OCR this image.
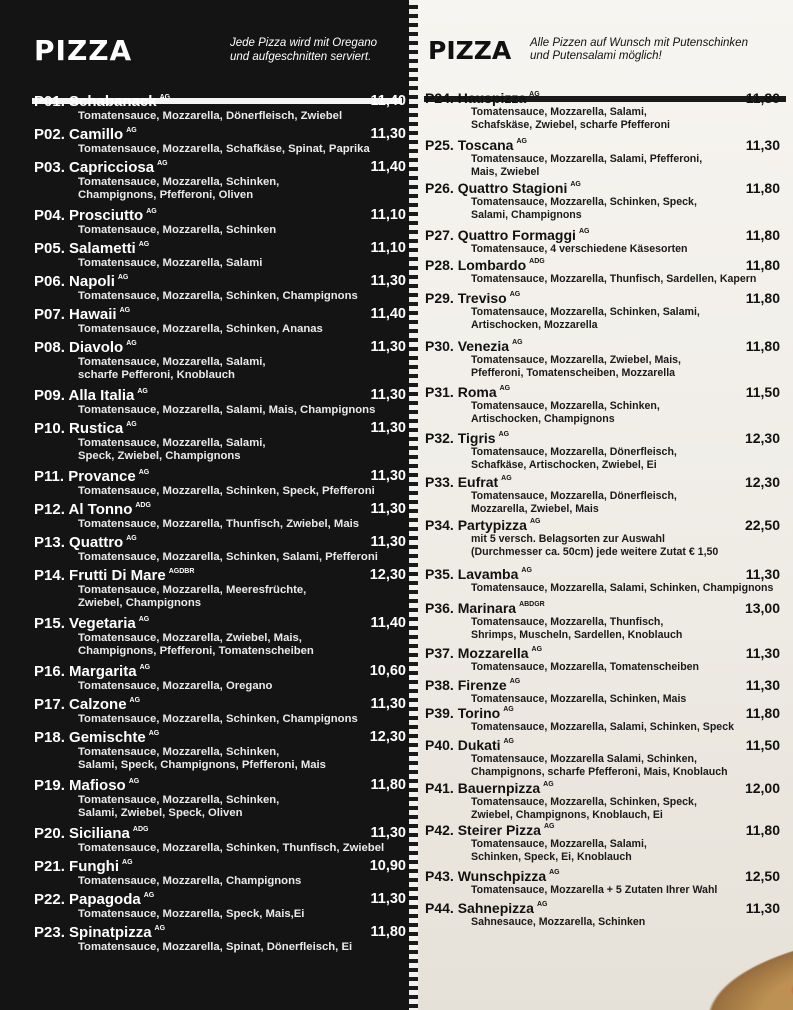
PIZZA	Jede Pizza wird mit Oregano
und aufgeschnitten serviert.
P01. Schabanack $^{AG}$	11,40
Tomatensauce, Mozzarella, Dönerfleisch, Zwiebel
P02. Camillo $^{AG}$	11,30
Tomatensauce, Mozzarella, Schafkäse, Spinat, Paprika
P03. Capricciosa $^{AG}$	11,40
Tomatensauce, Mozzarella, Schinken,
Champignons, Pfefferoni, Oliven
P04. Prosciutto $^{AG}$	11,10
Tomatensauce, Mozzarella, Schinken
P05. Salametti $^{AG}$	11,10
Tomatensauce, Mozzarella, Salami
P06. Napoli $^{AG}$	11,30
Tomatensauce, Mozzarella, Schinken, Champignons
P07. Hawaii $^{AG}$	11,40
Tomatensauce, Mozzarella, Schinken, Ananas
P08. Diavolo $^{AG}$	11,30
Tomatensauce, Mozzarella, Salami,
scharfe Pefferoni, Knoblauch
P09. Alla Italia $^{AG}$	11,30
Tomatensauce, Mozzarella, Salami, Mais, Champignons
P10. Rustica $^{AG}$	11,30
Tomatensauce, Mozzarella, Salami,
Speck, Zwiebel, Champignons
P11. Provance $^{AG}$	11,30
Tomatensauce, Mozzarella, Schinken, Speck, Pfefferoni
P12. Al Tonno $^{ADG}$	11,30
Tomatensauce, Mozzarella, Thunfisch, Zwiebel, Mais
P13. Quattro $^{AG}$	11,30
Tomatensauce, Mozzarella, Schinken, Salami, Pfefferoni
P14. Frutti Di Mare $^{AGDBR}$	12,30
Tomatensauce, Mozzarella, Meeresfrüchte,
Zwiebel, Champignons
P15. Vegetaria $^{AG}$	11,40
Tomatensauce, Mozzarella, Zwiebel, Mais,
Champignons, Pfefferoni, Tomatenscheiben
P16. Margarita $^{AG}$	10,60
Tomatensauce, Mozzarella, Oregano
P17. Calzone $^{AG}$	11,30
Tomatensauce, Mozzarella, Schinken, Champignons
P18. Gemischte $^{AG}$	12,30
Tomatensauce, Mozzarella, Schinken,
Salami, Speck, Champignons, Pfefferoni, Mais
P19. Mafioso $^{AG}$	11,80
Tomatensauce, Mozzarella, Schinken,
Salami, Zwiebel, Speck, Oliven
P20. Siciliana $^{ADG}$	11,30
Tomatensauce, Mozzarella, Schinken, Thunfisch, Zwiebel
P21. Funghi $^{AG}$	10,90
Tomatensauce, Mozzarella, Champignons
P22. Papagoda $^{AG}$	11,30
Tomatensauce, Mozzarella, Speck, Mais,Ei
P23. Spinatpizza $^{AG}$	11,80
Tomatensauce, Mozzarella, Spinat, Dönerfleisch, Ei
PIZZA Alle Pizzen auf Wunsch mit Putenschinken
und Putensalami möglich!
P24. Hauspizza $^{AG}$	11,80
Tomatensauce, Mozzarella, Salami,
Schafskäse, Zwiebel, scharfe Pfefferoni
P25. Toscana $^{AG}$	11,30
Tomatensauce, Mozzarella, Salami, Pfefferoni,
Mais, Zwiebel
P26. Quattro Stagioni $^{AG}$	11,80
Tomatensauce, Mozzarella, Schinken, Speck,
Salami, Champignons
P27. Quattro Formaggi $^{AG}$	11,80
Tomatensauce, 4 verschiedene Käsesorten
P28. Lombardo $^{ADG}$	11,80
Tomatensauce, Mozzarella, Thunfisch, Sardellen, Kapern
P29. Treviso $^{AG}$	11,80
Tomatensauce, Mozzarella, Schinken, Salami,
Artischocken, Mozzarella
P30. Venezia $^{AG}$	11,80
Tomatensauce, Mozzarella, Zwiebel, Mais,
Pfefferoni, Tomatenscheiben, Mozzarella
P31. Roma $^{AG}$	11,50
Tomatensauce, Mozzarella, Schinken,
Artischocken, Champignons
P32. Tigris $^{AG}$	12,30
Tomatensauce, Mozzarella, Dönerfleisch,
Schafkäse, Artischocken, Zwiebel, Ei
P33. Eufrat $^{AG}$	12,30
Tomatensauce, Mozzarella, Dönerfleisch,
Mozzarella, Zwiebel, Mais
P34. Partypizza $^{AG}$	22,50
mit 5 versch. Belagsorten zur Auswahl
(Durchmesser ca. 50cm) jede weitere Zutat € 1,50
P35. Lavamba $^{AG}$	11,30
Tomatensauce, Mozzarella, Salami, Schinken, Champignons
P36. Marinara $^{ABDGR}$	13,00
Tomatensauce, Mozzarella, Thunfisch,
Shrimps, Muscheln, Sardellen, Knoblauch
P37. Mozzarella $^{AG}$	11,30
Tomatensauce, Mozzarella, Tomatenscheiben
P38. Firenze $^{AG}$	11,30
Tomatensauce, Mozzarella, Schinken, Mais
P39. Torino $^{AG}$	11,80
Tomatensauce, Mozzarella, Salami, Schinken, Speck
P40. Dukati $^{AG}$	11,50
Tomatensauce, Mozzarella Salami, Schinken,
Champignons, scharfe Pfefferoni, Mais, Knoblauch
P41. Bauernpizza $^{AG}$	12,00
Tomatensauce, Mozzarella, Schinken, Speck,
Zwiebel, Champignons, Knoblauch, Ei
P42. Steirer Pizza $^{AG}$	11,80
Tomatensauce, Mozzarella, Salami,
Schinken, Speck, Ei, Knoblauch
P43. Wunschpizza $^{AG}$	12,50
Tomatensauce, Mozzarella + 5 Zutaten Ihrer Wahl
P44. Sahnepizza $^{AG}$	11,30
Sahnesauce, Mozzarella, Schinken
